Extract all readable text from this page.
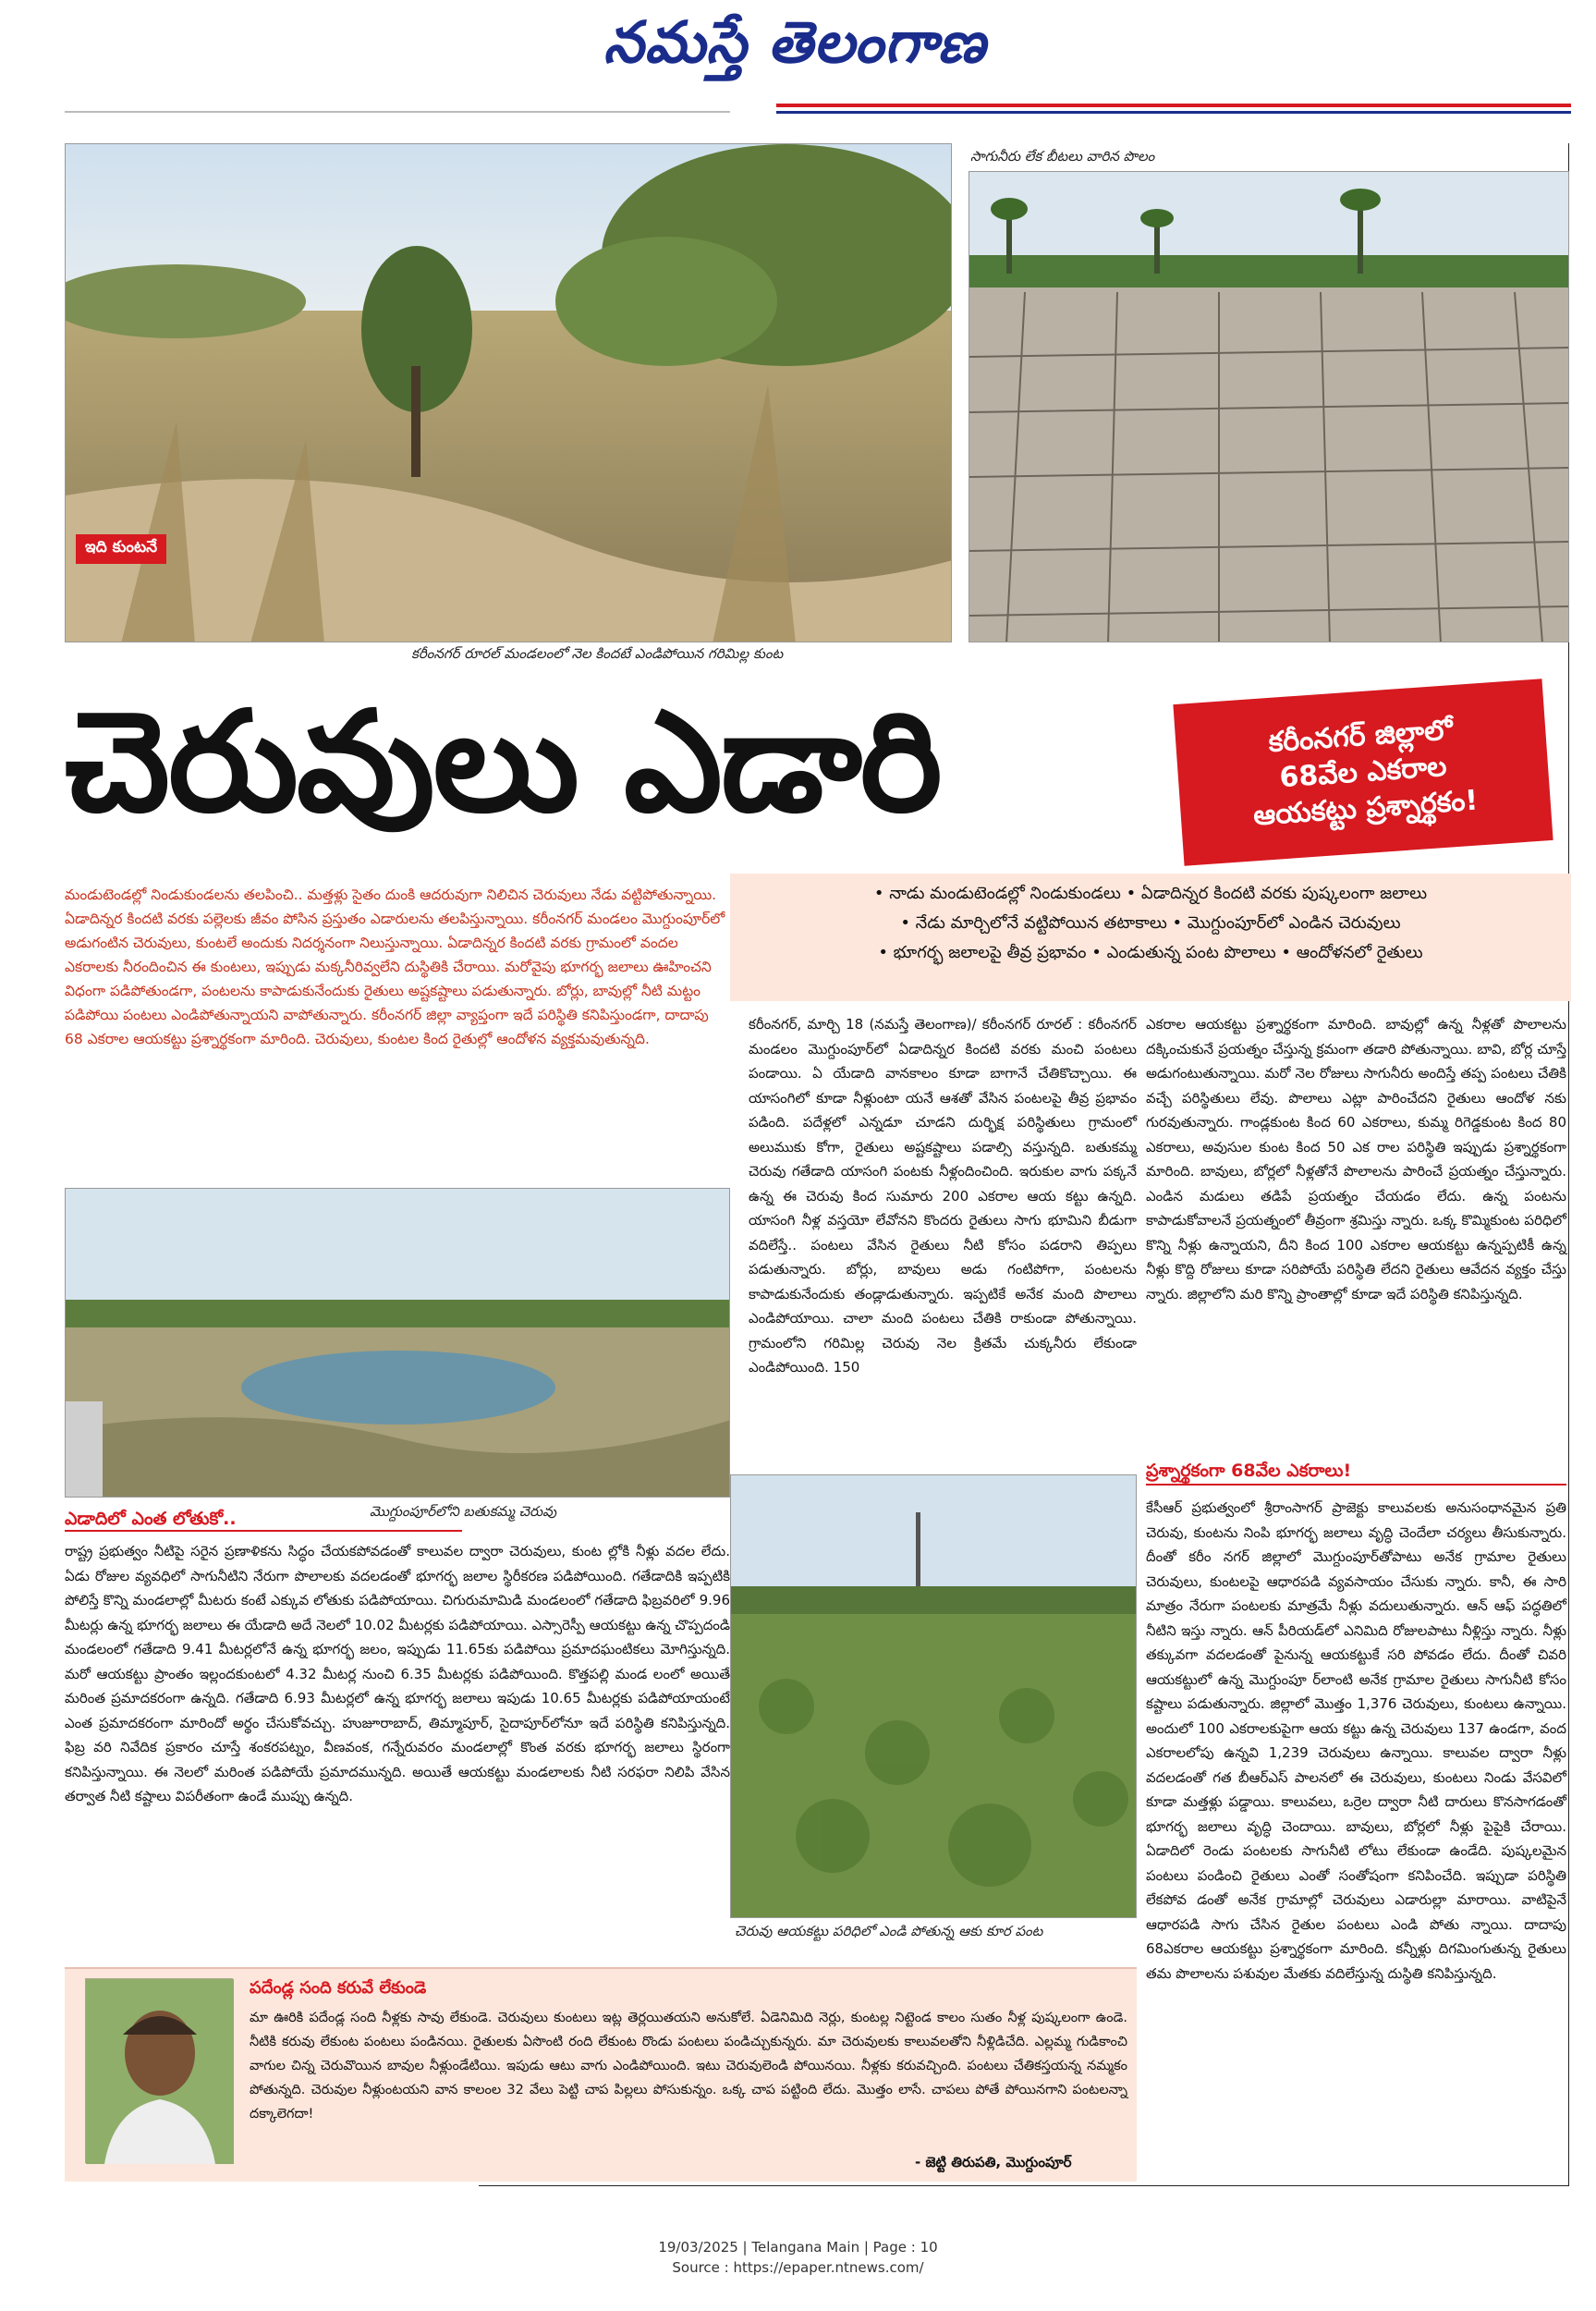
నమస్తే తెలంగాణ
ఇది కుంటనే
కరీంనగర్ రూరల్ మండలంలో నెల కిందటే ఎండిపోయిన గరిమిల్ల కుంట
సాగునీరు లేక బీటలు వారిన పొలం
చెరువులు ఎడారి	కరీంనగర్ జిల్లాలో
68వేల ఎకరాల
ఆయకట్టు ప్రశ్నార్థకం!

మండుటెండల్లో నిండుకుండలను తలపించి.. మత్తళ్లు సైతం దుంకి ఆదరువుగా నిలిచిన చెరువులు నేడు వట్టిపోతున్నాయి. ఏడాదిన్నర కిందటి వరకు పల్లెలకు జీవం పోసిన ప్రస్తుతం ఎడారులను తలపిస్తున్నాయి. కరీంనగర్ మండలం మొగ్దుంపూర్‌లో అడుగంటిన చెరువులు, కుంటలే అందుకు నిదర్శనంగా నిలుస్తున్నాయి. ఏడాదిన్నర కిందటి వరకు గ్రామంలో వందల ఎకరాలకు నీరందించిన ఈ కుంటలు, ఇప్పుడు మక్కనీరివ్వలేని దుస్థితికి చేరాయి. మరోవైపు భూగర్భ జలాలు ఊహించని విధంగా పడిపోతుండగా, పంటలను కాపాడుకునేందుకు రైతులు అష్టకష్టాలు పడుతున్నారు. బోర్లు, బావుల్లో నీటి మట్టం పడిపోయి పంటలు ఎండిపోతున్నాయని వాపోతున్నారు. కరీంనగర్ జిల్లా వ్యాప్తంగా ఇదే పరిస్థితి కనిపిస్తుండగా, దాదాపు 68 ఎకరాల ఆయకట్టు ప్రశ్నార్థకంగా మారింది. చెరువులు, కుంటల కింద రైతుల్లో ఆందోళన వ్యక్తమవుతున్నది.

• నాడు మండుటెండల్లో నిండుకుండలు • ఏడాదిన్నర కిందటి వరకు పుష్కలంగా జలాలు
• నేడు మార్చిలోనే వట్టిపోయిన తటాకాలు • మొగ్దుంపూర్‌లో ఎండిన చెరువులు
• భూగర్భ జలాలపై తీవ్ర ప్రభావం • ఎండుతున్న పంట పొలాలు • ఆందోళనలో రైతులు
మొగ్దుంపూర్‌లోని బతుకమ్మ చెరువు
ఎడాదిలో ఎంత లోతుకో..

కరీంనగర్, మార్చి 18 (నమస్తే తెలంగాణ)/ కరీంనగర్ రూరల్ : కరీంనగర్ మండలం మొగ్దుంపూర్‌లో ఏడాదిన్నర కిందటి వరకు మంచి పంటలు పండాయి. ఏ యేడాది వానకాలం కూడా బాగానే చేతికొచ్చాయి. ఈ యాసంగిలో కూడా నీళ్లుంటా యనే ఆశతో వేసిన పంటలపై తీవ్ర ప్రభావం పడింది. పదేళ్లలో ఎన్నడూ చూడని దుర్భిక్ష పరిస్థితులు గ్రామంలో అలుముకు కోగా, రైతులు అష్టకష్టాలు పడాల్సి వస్తున్నది. బతుకమ్మ చెరువు గతేడాది యాసంగి పంటకు నీళ్లందించింది. ఇరుకుల వాగు పక్కనే ఉన్న ఈ చెరువు కింద సుమారు 200 ఎకరాల ఆయ కట్టు ఉన్నది. యాసంగి నీళ్ల వస్తయో లేవోనని కొందరు రైతులు సాగు భూమిని బీడుగా వదిలేస్తే.. పంటలు వేసిన రైతులు నీటి కోసం పడరాని తిప్పలు పడుతున్నారు. బోర్లు, బావులు అడు గంటిపోగా, పంటలను కాపాడుకునేందుకు తండ్లాడుతున్నారు. ఇప్పటికే అనేక మంది పొలాలు ఎండిపోయాయి. చాలా మంది పంటలు చేతికి రాకుండా పోతున్నాయి. గ్రామంలోని గరిమిల్ల చెరువు నెల క్రితమే చుక్కనీరు లేకుండా ఎండిపోయింది. 150

ఎకరాల ఆయకట్టు ప్రశ్నార్థకంగా మారింది. బావుల్లో ఉన్న నీళ్లతో పొలాలను దక్కించుకునే ప్రయత్నం చేస్తున్న క్రమంగా తడారి పోతున్నాయి. బావి, బోర్ల చూస్తే అడుగంటుతున్నాయి. మరో నెల రోజులు సాగునీరు అందిస్తే తప్ప పంటలు చేతికి వచ్చే పరిస్థితులు లేవు. పొలాలు ఎట్లా పారించేదని రైతులు ఆందోళ నకు గురవుతున్నారు. గాండ్లకుంట కింద 60 ఎకరాలు, కుమ్మ రిగెడ్డకుంట కింద 80 ఎకరాలు, అవుసుల కుంట కింద 50 ఎక రాల పరిస్థితి ఇప్పుడు ప్రశ్నార్థకంగా మారింది. బావులు, బోర్లలో నీళ్లతోనే పొలాలను పారించే ప్రయత్నం చేస్తున్నారు. ఎండిన మడులు తడిపే ప్రయత్నం చేయడం లేదు. ఉన్న పంటను కాపాడుకోవాలనే ప్రయత్నంలో తీవ్రంగా శ్రమిస్తు న్నారు. ఒక్క కొమ్మికుంట పరిధిలో కొన్ని నీళ్లు ఉన్నాయని, దీని కింద 100 ఎకరాల ఆయకట్టు ఉన్నప్పటికీ ఉన్న నీళ్లు కొద్ది రోజులు కూడా సరిపోయే పరిస్థితి లేదని రైతులు ఆవేదన వ్యక్తం చేస్తు న్నారు. జిల్లాలోని మరి కొన్ని ప్రాంతాల్లో కూడా ఇదే పరిస్థితి కనిపిస్తున్నది.

రాష్ట్ర ప్రభుత్వం నీటిపై సరైన ప్రణాళికను సిద్ధం చేయకపోవడంతో కాలువల ద్వారా చెరువులు, కుంట ల్లోకి నీళ్లు వదల లేదు. ఏడు రోజుల వ్యవధిలో సాగునీటిని నేరుగా పొలాలకు వదలడంతో భూగర్భ జలాల స్థిరీకరణ పడిపోయింది. గతేడాదికి ఇప్పటికి పోలిస్తే కొన్ని మండలాల్లో మీటరు కంటే ఎక్కువ లోతుకు పడిపోయాయి. చిగురుమామిడి మండలంలో గతేడాది ఫిబ్రవరిలో 9.96 మీటర్లు ఉన్న భూగర్భ జలాలు ఈ యేడాది అదే నెలలో 10.02 మీటర్లకు పడిపోయాయి. ఎస్సారెస్పీ ఆయకట్టు ఉన్న చొప్పదండి మండలంలో గతేడాది 9.41 మీటర్లలోనే ఉన్న భూగర్భ జలం, ఇప్పుడు 11.65కు పడిపోయి ప్రమాదఘంటికలు మోగిస్తున్నది. మరో ఆయకట్టు ప్రాంతం ఇల్లందకుంటలో 4.32 మీటర్ల నుంచి 6.35 మీటర్లకు పడిపోయింది. కొత్తపల్లి మండ లంలో అయితే మరింత ప్రమాదకరంగా ఉన్నది. గతేడాది 6.93 మీటర్లలో ఉన్న భూగర్భ జలాలు ఇపుడు 10.65 మీటర్లకు పడిపోయాయంటే ఎంత ప్రమాదకరంగా మారిందో అర్థం చేసుకోవచ్చు. హుజూరాబాద్, తిమ్మాపూర్, సైదాపూర్‌లోనూ ఇదే పరిస్థితి కనిపిస్తున్నది. ఫిబ్ర వరి నివేదిక ప్రకారం చూస్తే శంకరపట్నం, వీణవంక, గన్నేరువరం మండలాల్లో కొంత వరకు భూగర్భ జలాలు స్థిరంగా కనిపిస్తున్నాయి. ఈ నెలలో మరింత పడిపోయే ప్రమాదమున్నది. అయితే ఆయకట్టు మండలాలకు నీటి సరఫరా నిలిపి వేసిన తర్వాత నీటి కష్టాలు విపరీతంగా ఉండే ముప్పు ఉన్నది.

చెరువు ఆయకట్టు పరిధిలో ఎండి పోతున్న ఆకు కూర పంట
ప్రశ్నార్థకంగా 68వేల ఎకరాలు!

కేసీఆర్ ప్రభుత్వంలో శ్రీరాంసాగర్ ప్రాజెక్టు కాలువలకు అనుసంధానమైన ప్రతి చెరువు, కుంటను నింపి భూగర్భ జలాలు వృద్ధి చెందేలా చర్యలు తీసుకున్నారు. దీంతో కరీం నగర్ జిల్లాలో మొగ్దుంపూర్‌తోపాటు అనేక గ్రామాల రైతులు చెరువులు, కుంటలపై ఆధారపడి వ్యవసాయం చేసుకు న్నారు. కానీ, ఈ సారి మాత్రం నేరుగా పంటలకు మాత్రమే నీళ్లు వదులుతున్నారు. ఆన్ ఆఫ్ పద్ధతిలో నీటిని ఇస్తు న్నారు. ఆన్ పీరియడ్‌లో ఎనిమిది రోజులపాటు నీళ్లిస్తు న్నారు. నీళ్లు తక్కువగా వదలడంతో పైనున్న ఆయకట్టుకే సరి పోవడం లేదు. దీంతో చివరి ఆయకట్టులో ఉన్న మొగ్దుంపూ ర్‌లాంటి అనేక గ్రామాల రైతులు సాగునీటి కోసం కష్టాలు పడుతున్నారు. జిల్లాలో మొత్తం 1,376 చెరువులు, కుంటలు ఉన్నాయి. అందులో 100 ఎకరాలకుపైగా ఆయ కట్టు ఉన్న చెరువులు 137 ఉండగా, వంద ఎకరాలలోపు ఉన్నవి 1,239 చెరువులు ఉన్నాయి. కాలువల ద్వారా నీళ్లు వదలడంతో గత బీఆర్ఎస్ పాలనలో ఈ చెరువులు, కుంటలు నిండు వేసవిలో కూడా మత్తళ్లు పడ్డాయి. కాలువలు, ఒర్రెల ద్వారా నీటి దారులు కొనసాగడంతో భూగర్భ జలాలు వృద్ధి చెందాయి. బావులు, బోర్లలో నీళ్లు పైపైకి చేరాయి. ఏడాదిలో రెండు పంటలకు సాగునీటి లోటు లేకుండా ఉండేది. పుష్కలమైన పంటలు పండించి రైతులు ఎంతో సంతోషంగా కనిపించేది. ఇప్పుడా పరిస్థితి లేకపోవ డంతో అనేక గ్రామాల్లో చెరువులు ఎడారుల్లా మారాయి. వాటిపైనే ఆధారపడి సాగు చేసిన రైతుల పంటలు ఎండి పోతు న్నాయి. దాదాపు 68ఎకరాల ఆయకట్టు ప్రశ్నార్థకంగా మారింది. కన్నీళ్లు దిగమింగుతున్న రైతులు తమ పొలాలను పశువుల మేతకు వదిలేస్తున్న దుస్థితి కనిపిస్తున్నది.

పదేండ్ల సంది కరువే లేకుండె

మా ఊరికి పదేండ్ల సంది నీళ్లకు సావు లేకుండె. చెరువులు కుంటలు ఇట్ల తెర్లయితయని అనుకోలే. ఏడెనిమిది నెర్లు, కుంటల్ల నిట్టెండ కాలం సుతం నీళ్ల పుష్కలంగా ఉండె. నీటికి కరువు లేకుంట పంటలు పండినయి. రైతులకు ఏసొంటి రంది లేకుంట రొండు పంటలు పండిచ్చుకున్నరు. మా చెరువులకు కాలువలతోని నీళ్లిడిచేది. ఎల్లమ్మ గుడికాంచి వాగుల చిన్న చెరువొయిన బావుల నీళ్లుండేటియి. ఇపుడు ఆటు వాగు ఎండిపోయింది. ఇటు చెరువులెండి పోయినయి. నీళ్లకు కరువచ్చింది. పంటలు చేతికస్తయన్న నమ్మకం పోతున్నది. చెరువుల నీళ్లుంటయని వాన కాలంల 32 వేలు పెట్టి చాప పిల్లలు పోసుకున్నం. ఒక్క చాప పట్టింది లేదు. మొత్తం లాసే. చాపలు పోతే పోయినగాని పంటలన్నా దక్కాలెగదా!

- జెట్టి తిరుపతి, మొగ్దుంపూర్
19/03/2025 | Telangana Main | Page : 10
Source : https://epaper.ntnews.com/
